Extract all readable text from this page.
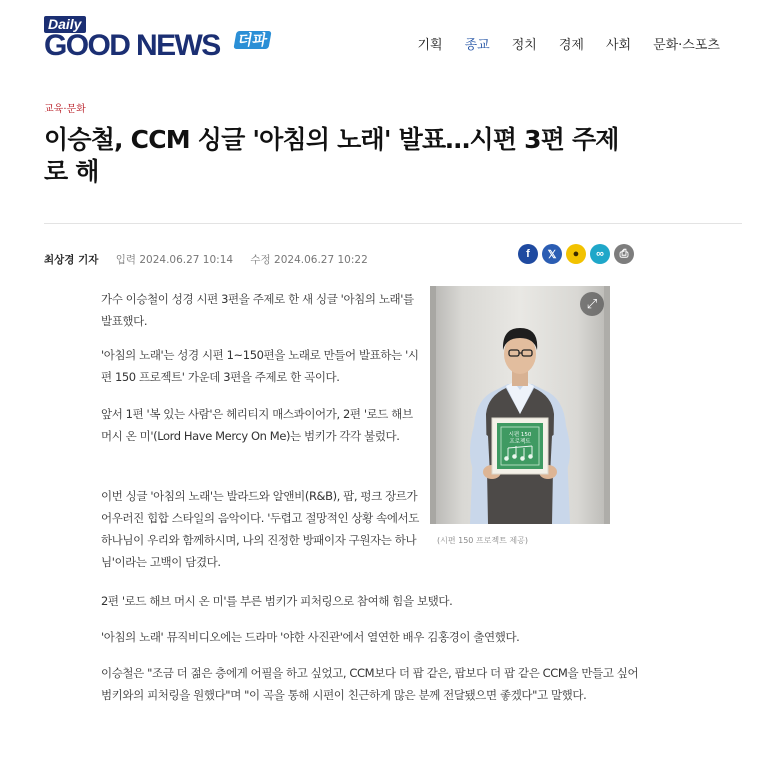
Daily
GOOD NEWS 더파	기획 종교 정치 경제 사회 문화·스포츠
교육·문화
이승철, CCM 싱글 '아침의 노래' 발표…시편 3편 주제로 해
최상경 기자 입력 2024.06.27 10:14 수정 2024.06.27 10:22	f	𝕏	●	∞	⎙

가수 이승철이 성경 시편 3편을 주제로 한 새 싱글 '아침의 노래'를 발표했다.

'아침의 노래'는 성경 시편 1~150편을 노래로 만들어 발표하는 '시편 150 프로젝트' 가운데 3편을 주제로 한 곡이다.

앞서 1편 '복 있는 사람'은 헤리티지 매스콰이어가, 2편 '로드 해브 머시 온 미'(Lord Have Mercy On Me)는 범키가 각각 불렀다.

이번 싱글 '아침의 노래'는 발라드와 알앤비(R&B), 팝, 펑크 장르가 어우러진 힙합 스타일의 음악이다. '두렵고 절망적인 상황 속에서도 하나님이 우리와 함께하시며, 나의 진정한 방패이자 구원자는 하나님'이라는 고백이 담겼다.

2편 '로드 해브 머시 온 미'를 부른 범키가 피처링으로 참여해 힘을 보탰다.

'아침의 노래' 뮤직비디오에는 드라마 '야한 사진관'에서 열연한 배우 김홍경이 출연했다.

이승철은 "조금 더 젊은 층에게 어필을 하고 싶었고, CCM보다 더 팝 같은, 팝보다 더 팝 같은 CCM을 만들고 싶어 범키와의 피처링을 원했다"며 "이 곡을 통해 시편이 친근하게 많은 분께 전달됐으면 좋겠다"고 말했다.

시편 150
프로젝트
⤢
(시편 150 프로젝트 제공)
